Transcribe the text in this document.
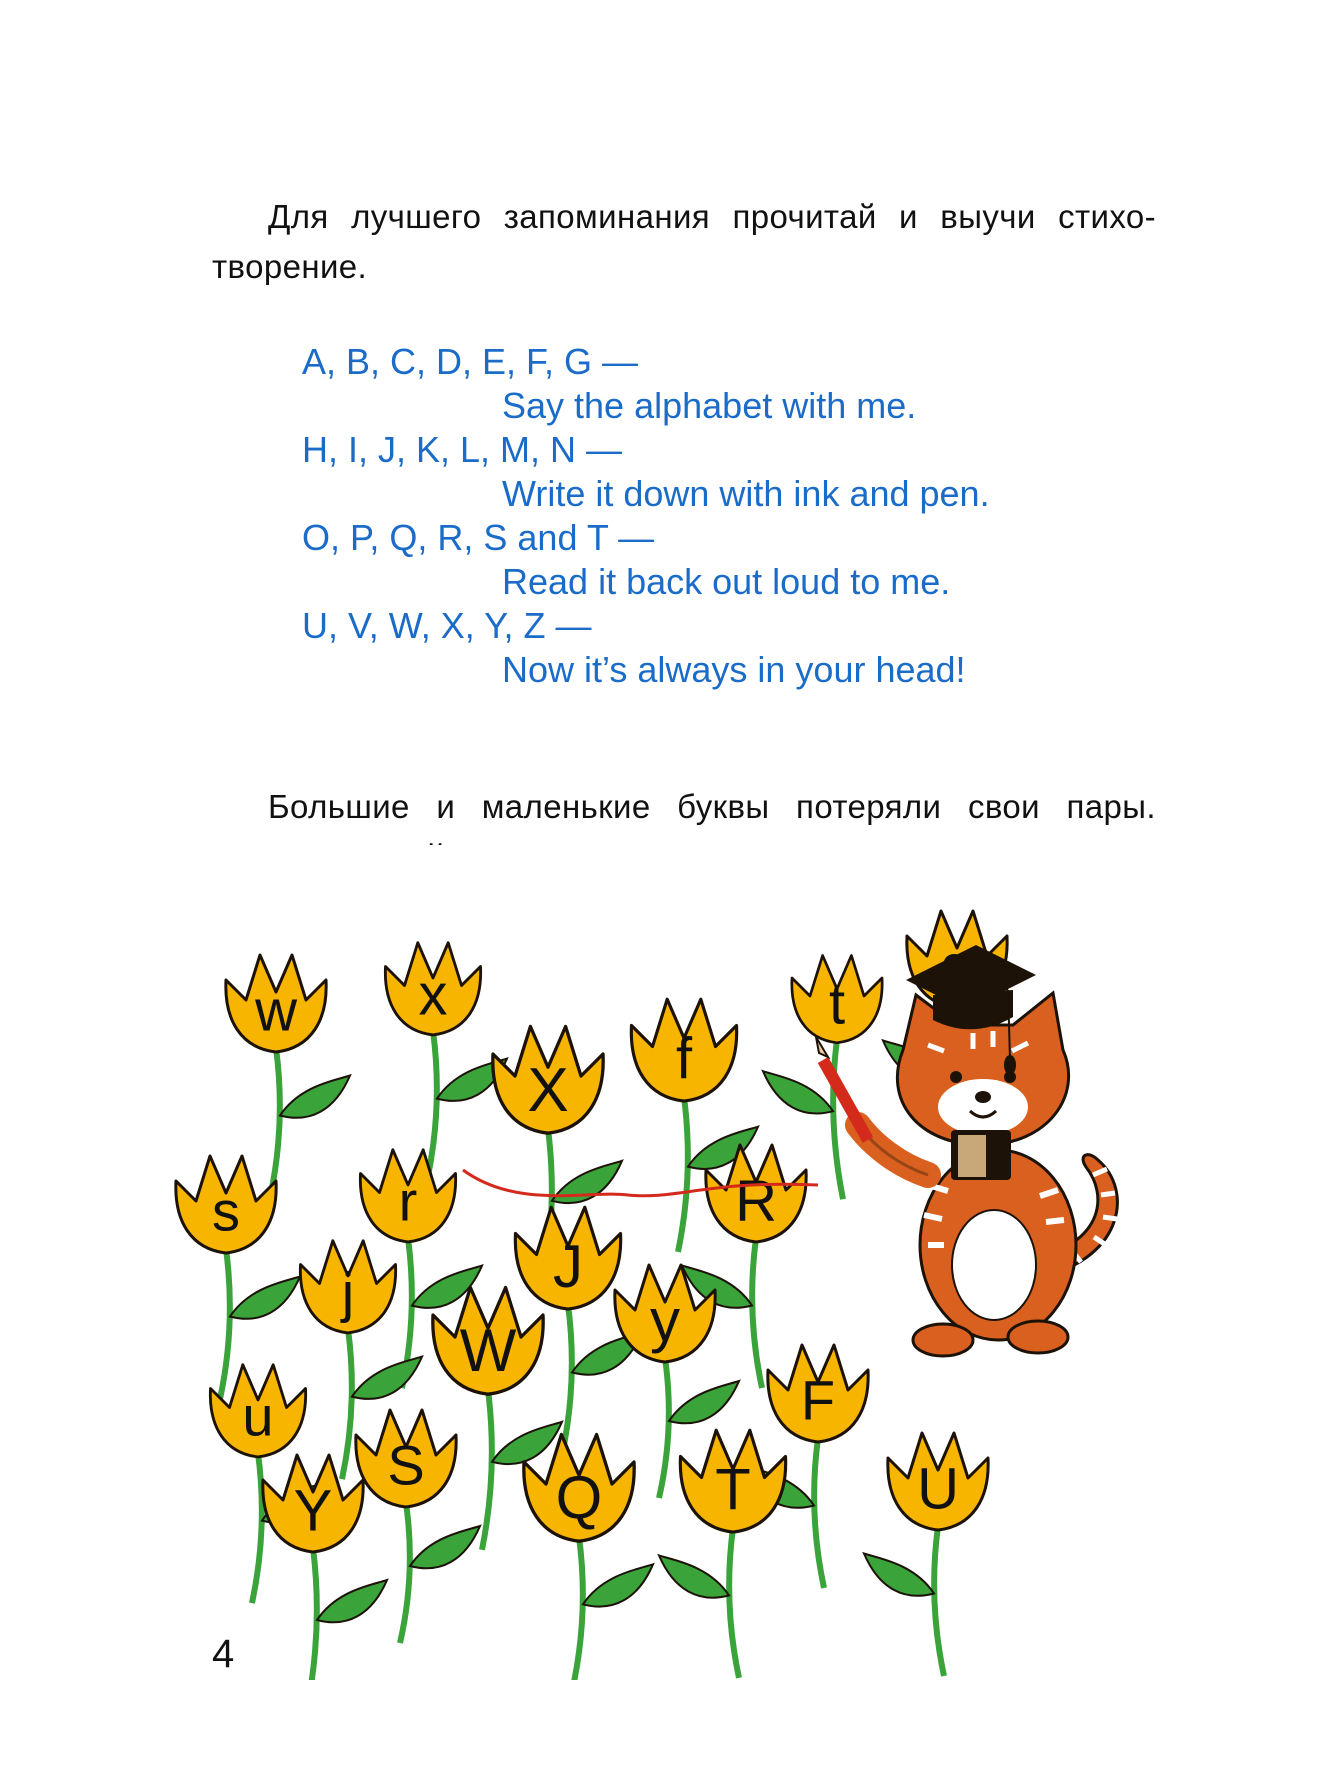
Для лучшего запоминания прочитай и выучи стихо-
творение.

A, B, C, D, E, F, G —
Say the alphabet with me.
H, I, J, K, L, M, N —
Write it down with ink and pen.
O, P, Q, R, S and T —
Read it back out loud to me.
U, V, W, X, Y, Z —
Now it’s always in your head!

Большие и маленькие буквы потеряли свои пары.

w x
X f
t
s	r	R
j	J
W y
u	F
S Q T	U
Y
4
